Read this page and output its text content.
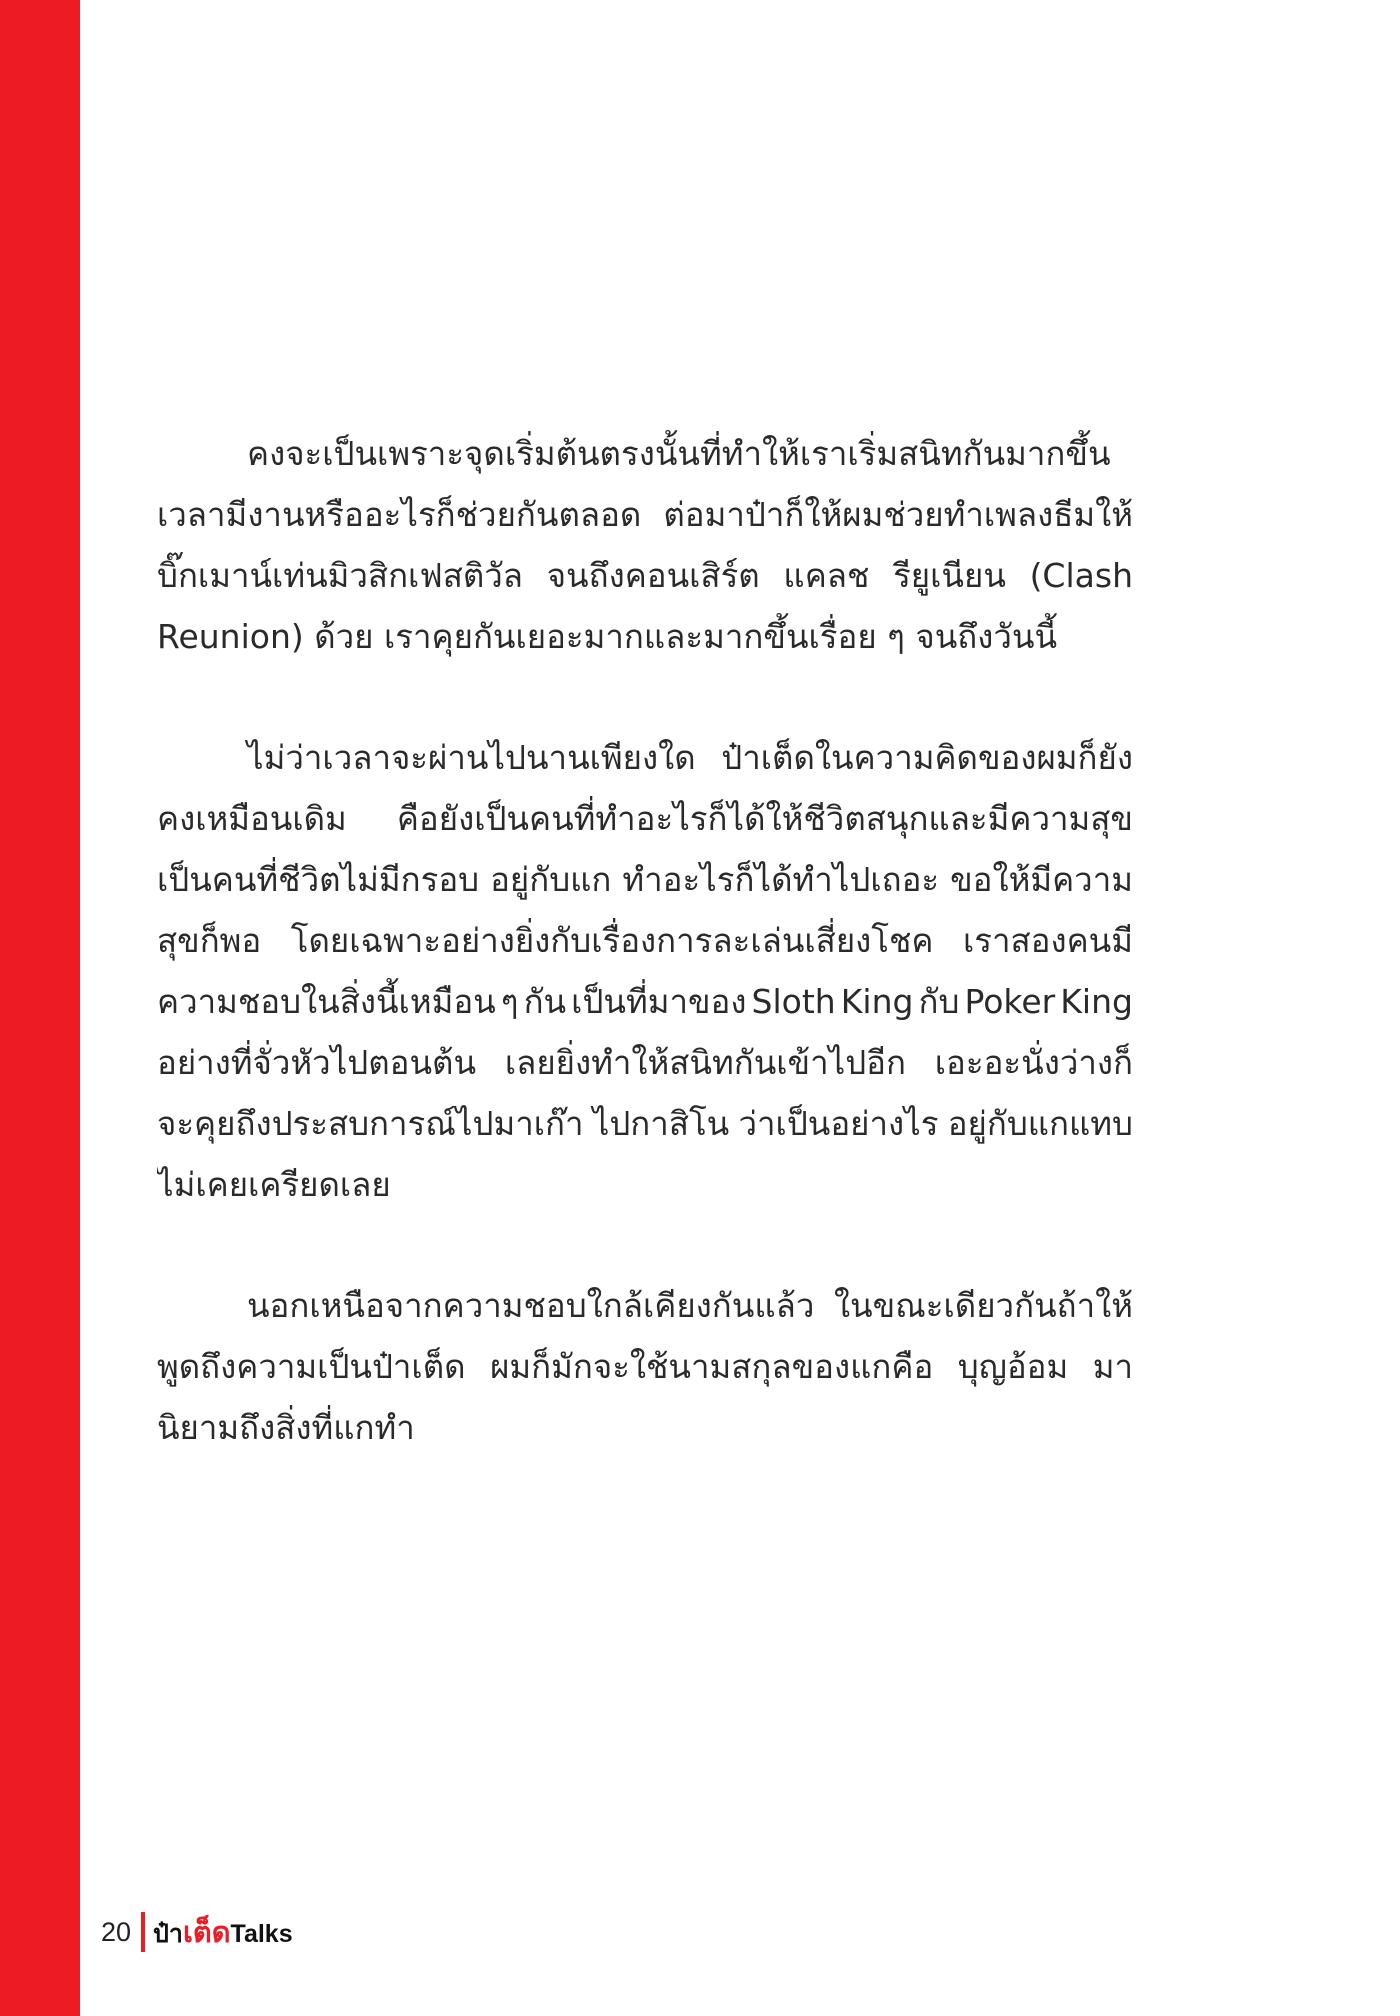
คงจะเป็นเพราะจุดเริ่มต้นตรงนั้นที่ทำให้เราเริ่มสนิทกันมากขึ้น
เวลามีงานหรืออะไรก็ช่วยกันตลอด ต่อมาป๋าก็ให้ผมช่วยทำเพลงธีมให้
บิ๊กเมาน์เท่นมิวสิกเฟสติวัล จนถึงคอนเสิร์ต แคลช รียูเนียน (Clash
Reunion) ด้วย เราคุยกันเยอะมากและมากขึ้นเรื่อย ๆ จนถึงวันนี้
ไม่ว่าเวลาจะผ่านไปนานเพียงใด ป๋าเต็ดในความคิดของผมก็ยัง
คงเหมือนเดิม คือยังเป็นคนที่ทำอะไรก็ได้ให้ชีวิตสนุกและมีความสุข
เป็นคนที่ชีวิตไม่มีกรอบ อยู่กับแก ทำอะไรก็ได้ทำไปเถอะ ขอให้มีความ
สุขก็พอ โดยเฉพาะอย่างยิ่งกับเรื่องการละเล่นเสี่ยงโชค เราสองคนมี
ความชอบในสิ่งนี้เหมือน ๆ กัน เป็นที่มาของ Sloth King กับ Poker King
อย่างที่จั่วหัวไปตอนต้น เลยยิ่งทำให้สนิทกันเข้าไปอีก เอะอะนั่งว่างก็
จะคุยถึงประสบการณ์ไปมาเก๊า ไปกาสิโน ว่าเป็นอย่างไร อยู่กับแกแทบ
ไม่เคยเครียดเลย
นอกเหนือจากความชอบใกล้เคียงกันแล้ว ในขณะเดียวกันถ้าให้
พูดถึงความเป็นป๋าเต็ด ผมก็มักจะใช้นามสกุลของแกคือ บุญอ้อม มา
นิยามถึงสิ่งที่แกทำ
20 ป๋า เต็ด Talks
